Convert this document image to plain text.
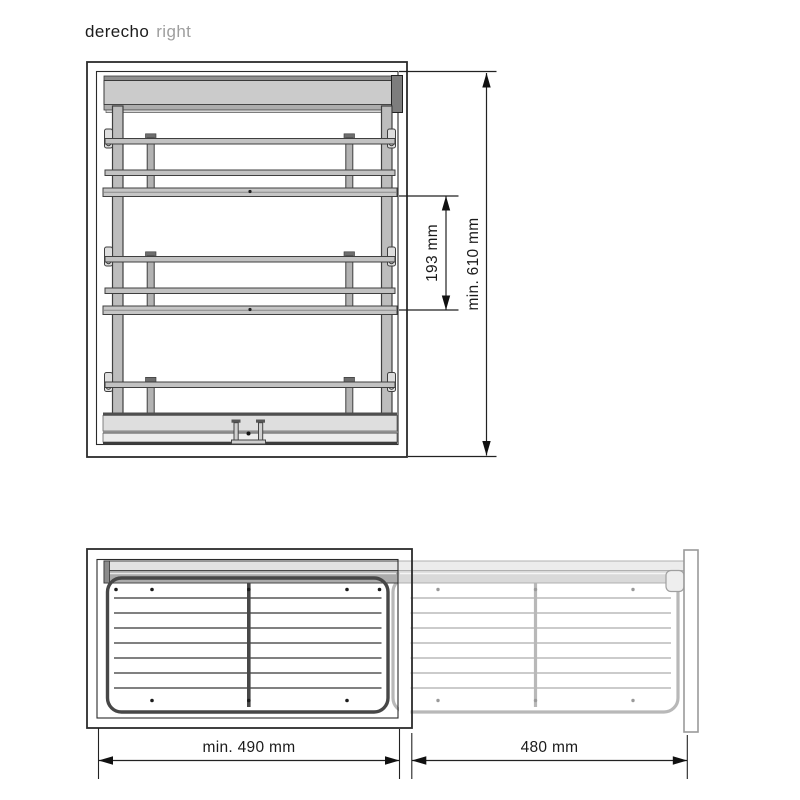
derecho right
min. 610 mm
193 mm
min. 490 mm	480 mm
